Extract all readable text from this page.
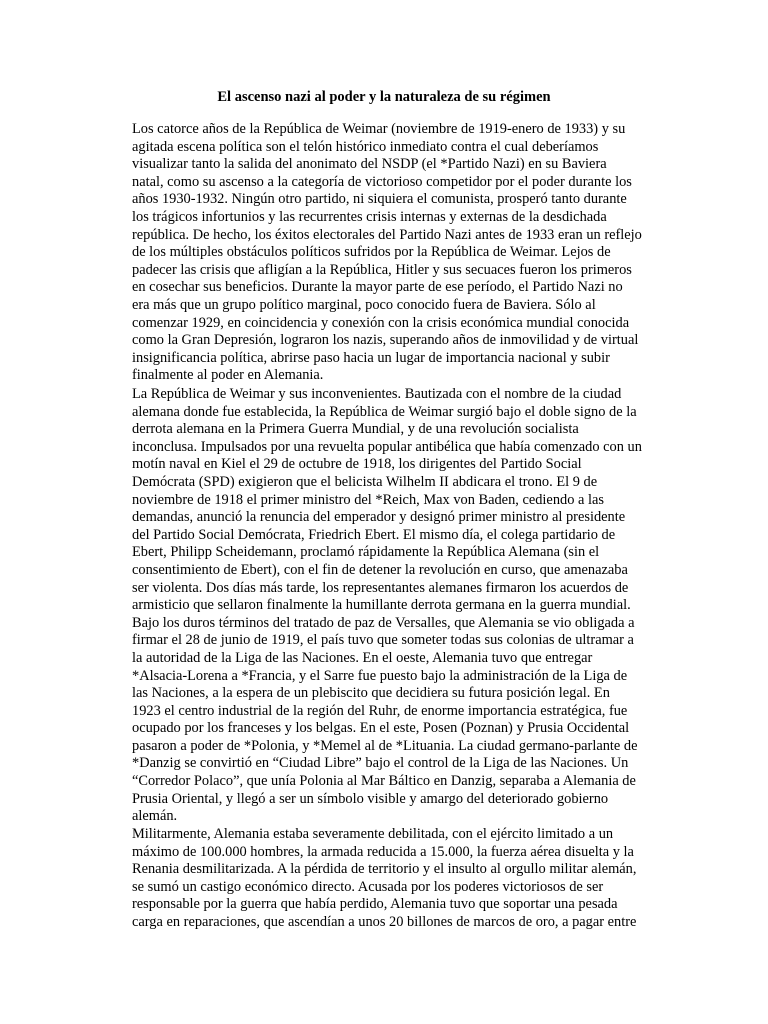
El ascenso nazi al poder y la naturaleza de su régimen
Los catorce años de la República de Weimar (noviembre de 1919-enero de 1933) y su
agitada escena política son el telón histórico inmediato contra el cual deberíamos
visualizar tanto la salida del anonimato del NSDP (el *Partido Nazi) en su Baviera
natal, como su ascenso a la categoría de victorioso competidor por el poder durante los
años 1930-1932. Ningún otro partido, ni siquiera el comunista, prosperó tanto durante
los trágicos infortunios y las recurrentes crisis internas y externas de la desdichada
república. De hecho, los éxitos electorales del Partido Nazi antes de 1933 eran un reflejo
de los múltiples obstáculos políticos sufridos por la República de Weimar. Lejos de
padecer las crisis que afligían a la República, Hitler y sus secuaces fueron los primeros
en cosechar sus beneficios. Durante la mayor parte de ese período, el Partido Nazi no
era más que un grupo político marginal, poco conocido fuera de Baviera. Sólo al
comenzar 1929, en coincidencia y conexión con la crisis económica mundial conocida
como la Gran Depresión, lograron los nazis, superando años de inmovilidad y de virtual
insignificancia política, abrirse paso hacia un lugar de importancia nacional y subir
finalmente al poder en Alemania.
La República de Weimar y sus inconvenientes. Bautizada con el nombre de la ciudad
alemana donde fue establecida, la República de Weimar surgió bajo el doble signo de la
derrota alemana en la Primera Guerra Mundial, y de una revolución socialista
inconclusa. Impulsados por una revuelta popular antibélica que había comenzado con un
motín naval en Kiel el 29 de octubre de 1918, los dirigentes del Partido Social
Demócrata (SPD) exigieron que el belicista Wilhelm II abdicara el trono. El 9 de
noviembre de 1918 el primer ministro del *Reich, Max von Baden, cediendo a las
demandas, anunció la renuncia del emperador y designó primer ministro al presidente
del Partido Social Demócrata, Friedrich Ebert. El mismo día, el colega partidario de
Ebert, Philipp Scheidemann, proclamó rápidamente la República Alemana (sin el
consentimiento de Ebert), con el fin de detener la revolución en curso, que amenazaba
ser violenta. Dos días más tarde, los representantes alemanes firmaron los acuerdos de
armisticio que sellaron finalmente la humillante derrota germana en la guerra mundial.
Bajo los duros términos del tratado de paz de Versalles, que Alemania se vio obligada a
firmar el 28 de junio de 1919, el país tuvo que someter todas sus colonias de ultramar a
la autoridad de la Liga de las Naciones. En el oeste, Alemania tuvo que entregar
*Alsacia-Lorena a *Francia, y el Sarre fue puesto bajo la administración de la Liga de
las Naciones, a la espera de un plebiscito que decidiera su futura posición legal. En
1923 el centro industrial de la región del Ruhr, de enorme importancia estratégica, fue
ocupado por los franceses y los belgas. En el este, Posen (Poznan) y Prusia Occidental
pasaron a poder de *Polonia, y *Memel al de *Lituania. La ciudad germano-parlante de
*Danzig se convirtió en “Ciudad Libre” bajo el control de la Liga de las Naciones. Un
“Corredor Polaco”, que unía Polonia al Mar Báltico en Danzig, separaba a Alemania de
Prusia Oriental, y llegó a ser un símbolo visible y amargo del deteriorado gobierno
alemán.
Militarmente, Alemania estaba severamente debilitada, con el ejército limitado a un
máximo de 100.000 hombres, la armada reducida a 15.000, la fuerza aérea disuelta y la
Renania desmilitarizada. A la pérdida de territorio y el insulto al orgullo militar alemán,
se sumó un castigo económico directo. Acusada por los poderes victoriosos de ser
responsable por la guerra que había perdido, Alemania tuvo que soportar una pesada
carga en reparaciones, que ascendían a unos 20 billones de marcos de oro, a pagar entre
